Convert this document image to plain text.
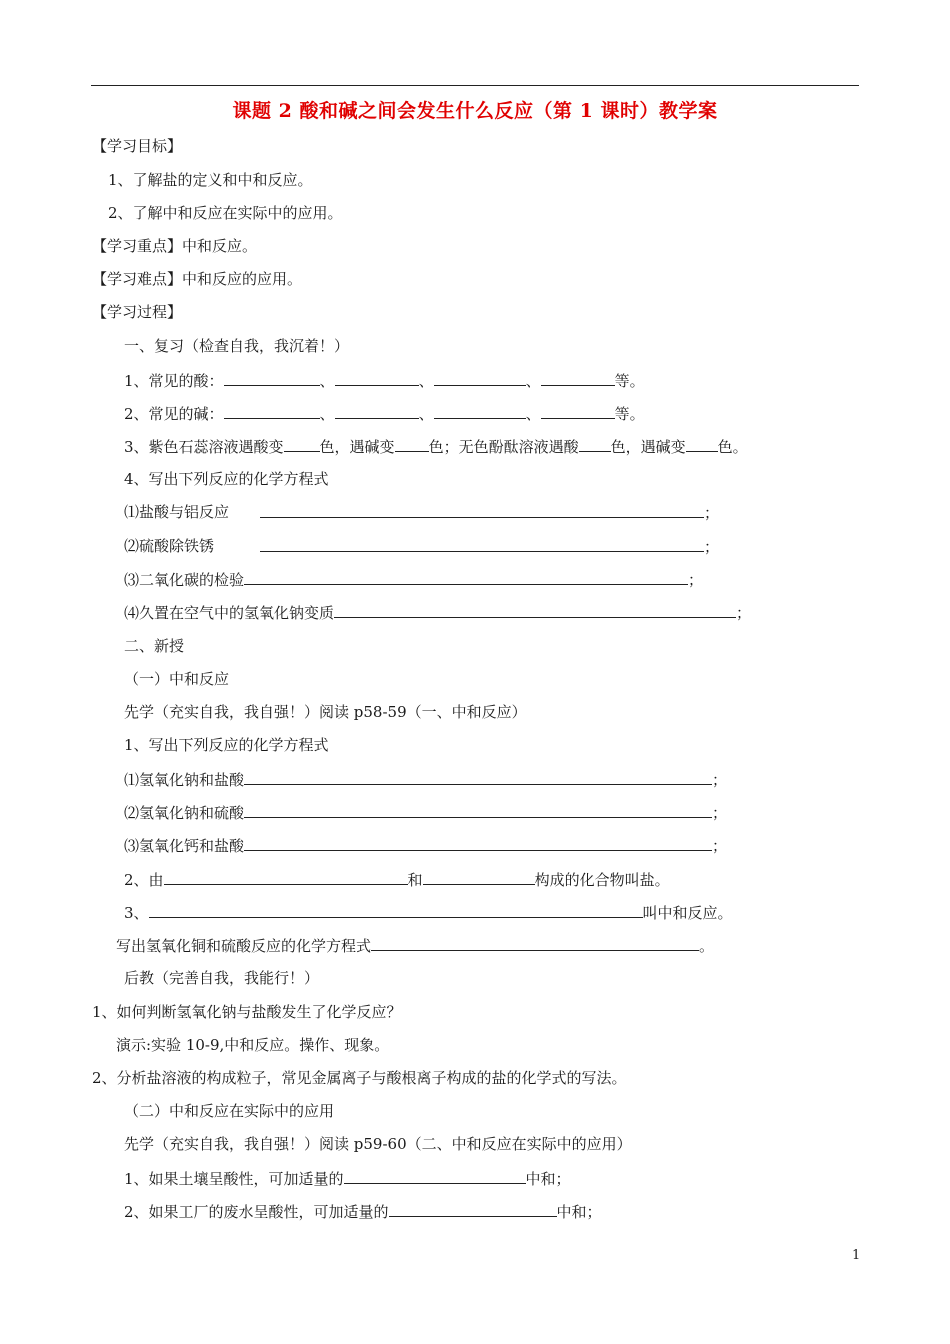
课题 2 酸和碱之间会发生什么反应（第 1 课时）教学案
【学习目标】
1、了解盐的定义和中和反应。
2、了解中和反应在实际中的应用。
【学习重点】中和反应。
【学习难点】中和反应的应用。
【学习过程】
一、复习（检查自我，我沉着！）
1、常见的酸：	、	、	、	等。
2、常见的碱：	、	、	、	等。
3、紫色石蕊溶液遇酸变 色，遇碱变 色；无色酚酞溶液遇酸 色，遇碱变 色。
4、写出下列反应的化学方程式
⑴盐酸与铝反应	；
⑵硫酸除铁锈	；
⑶二氧化碳的检验	；
⑷久置在空气中的氢氧化钠变质	；
二、新授
（一）中和反应
先学（充实自我，我自强！）阅读 p58-59（一、中和反应）
1、写出下列反应的化学方程式
⑴氢氧化钠和盐酸	；
⑵氢氧化钠和硫酸	；
⑶氢氧化钙和盐酸	；
2、由	和	构成的化合物叫盐。
3、	叫中和反应。
写出氢氧化铜和硫酸反应的化学方程式	。
后教（完善自我，我能行！）
1、如何判断氢氧化钠与盐酸发生了化学反应？
演示:实验 10-9,中和反应。操作、现象。
2、分析盐溶液的构成粒子，常见金属离子与酸根离子构成的盐的化学式的写法。
（二）中和反应在实际中的应用
先学（充实自我，我自强！）阅读 p59-60（二、中和反应在实际中的应用）
1、如果土壤呈酸性，可加适量的	中和；
2、如果工厂的废水呈酸性，可加适量的	中和；
1
